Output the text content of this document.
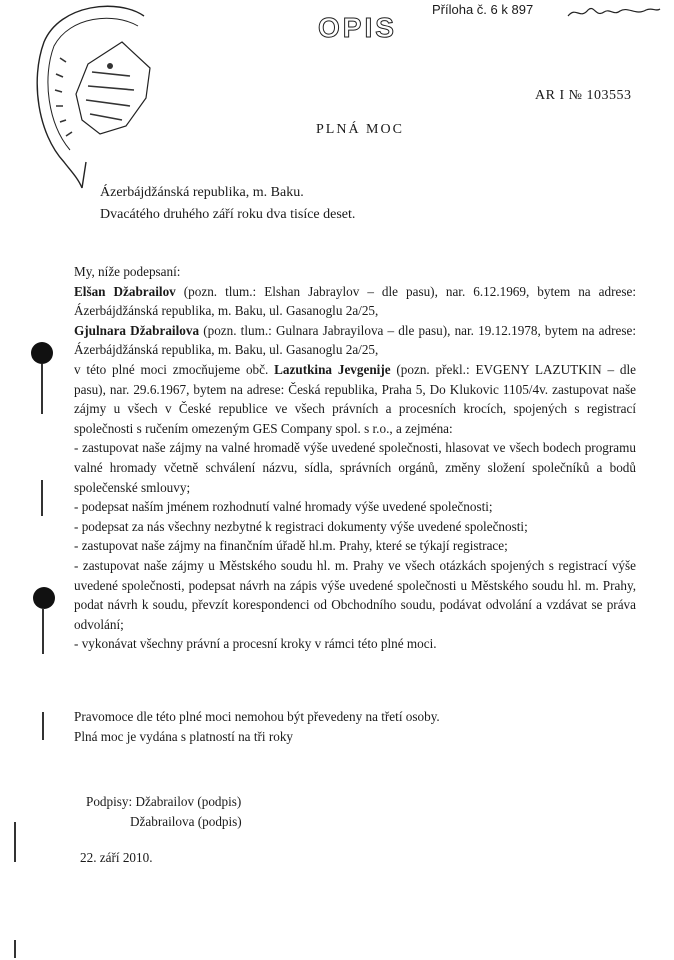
OPIS
Příloha č. 6 k 897
AR I № 103553
PLNÁ MOC
Ázerbájdžánská republika, m. Baku.
Dvacátého druhého září roku dva tisíce deset.

My, níže podepsaní:

Elšan Džabrailov (pozn. tlum.: Elshan Jabraylov – dle pasu), nar. 6.12.1969, bytem na adrese: Ázerbájdžánská republika, m. Baku, ul. Gasanoglu 2a/25,

Gjulnara Džabrailova (pozn. tlum.: Gulnara Jabrayilova – dle pasu), nar. 19.12.1978, bytem na adrese: Ázerbájdžánská republika, m. Baku, ul. Gasanoglu 2a/25,

v této plné moci zmocňujeme obč. Lazutkina Jevgenije (pozn. překl.: EVGENY LAZUTKIN – dle pasu), nar. 29.6.1967, bytem na adrese: Česká republika, Praha 5, Do Klukovic 1105/4v. zastupovat naše zájmy u všech v České republice ve všech právních a procesních krocích, spojených s registrací společnosti s ručením omezeným GES Company spol. s r.o., a zejména:

- zastupovat naše zájmy na valné hromadě výše uvedené společnosti, hlasovat ve všech bodech programu valné hromady včetně schválení názvu, sídla, správních orgánů, změny složení společníků a bodů společenské smlouvy;

- podepsat naším jménem rozhodnutí valné hromady výše uvedené společnosti;

- podepsat za nás všechny nezbytné k registraci dokumenty výše uvedené společnosti;

- zastupovat naše zájmy na finančním úřadě hl.m. Prahy, které se týkají registrace;

- zastupovat naše zájmy u Městského soudu hl. m. Prahy ve všech otázkách spojených s registrací výše uvedené společnosti, podepsat návrh na zápis výše uvedené společnosti u Městského soudu hl. m. Prahy, podat návrh k soudu, převzít korespondenci od Obchodního soudu, podávat odvolání a vzdávat se práva odvolání;

- vykonávat všechny právní a procesní kroky v rámci této plné moci.

Pravomoce dle této plné moci nemohou být převedeny na třetí osoby.
Plná moc je vydána s platností na tři roky
Podpisy: Džabrailov (podpis)
Džabrailova (podpis)
22. září 2010.
